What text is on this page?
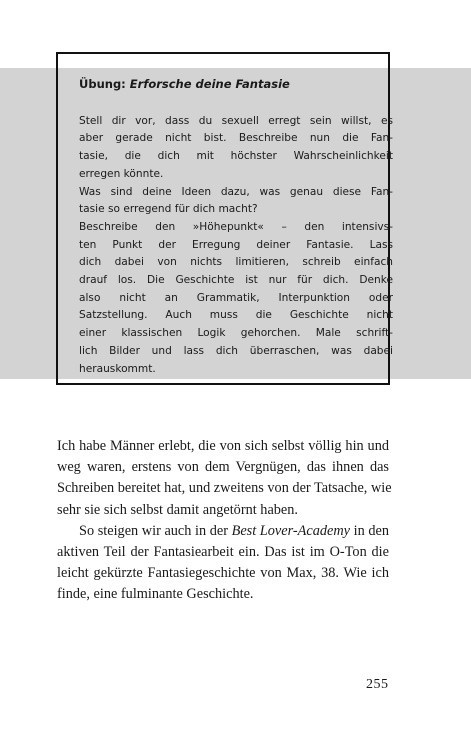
Übung: Erforsche deine Fantasie
Stell dir vor, dass du sexuell erregt sein willst, es
aber gerade nicht bist. Beschreibe nun die Fan-
tasie, die dich mit höchster Wahrscheinlichkeit
erregen könnte.
Was sind deine Ideen dazu, was genau diese Fan-
tasie so erregend für dich macht?
Beschreibe den »Höhepunkt« – den intensivs-
ten Punkt der Erregung deiner Fantasie. Lass
dich dabei von nichts limitieren, schreib einfach
drauf los. Die Geschichte ist nur für dich. Denke
also nicht an Grammatik, Interpunktion oder
Satzstellung. Auch muss die Geschichte nicht
einer klassischen Logik gehorchen. Male schrift-
lich Bilder und lass dich überraschen, was dabei
herauskommt.
Ich habe Männer erlebt, die von sich selbst völlig hin und
weg waren, erstens von dem Vergnügen, das ihnen das
Schreiben bereitet hat, und zweitens von der Tatsache, wie
sehr sie sich selbst damit angetörnt haben.
So steigen wir auch in der Best Lover-Academy in den
aktiven Teil der Fantasiearbeit ein. Das ist im O-Ton die
leicht gekürzte Fantasiegeschichte von Max, 38. Wie ich
finde, eine fulminante Geschichte.
255
